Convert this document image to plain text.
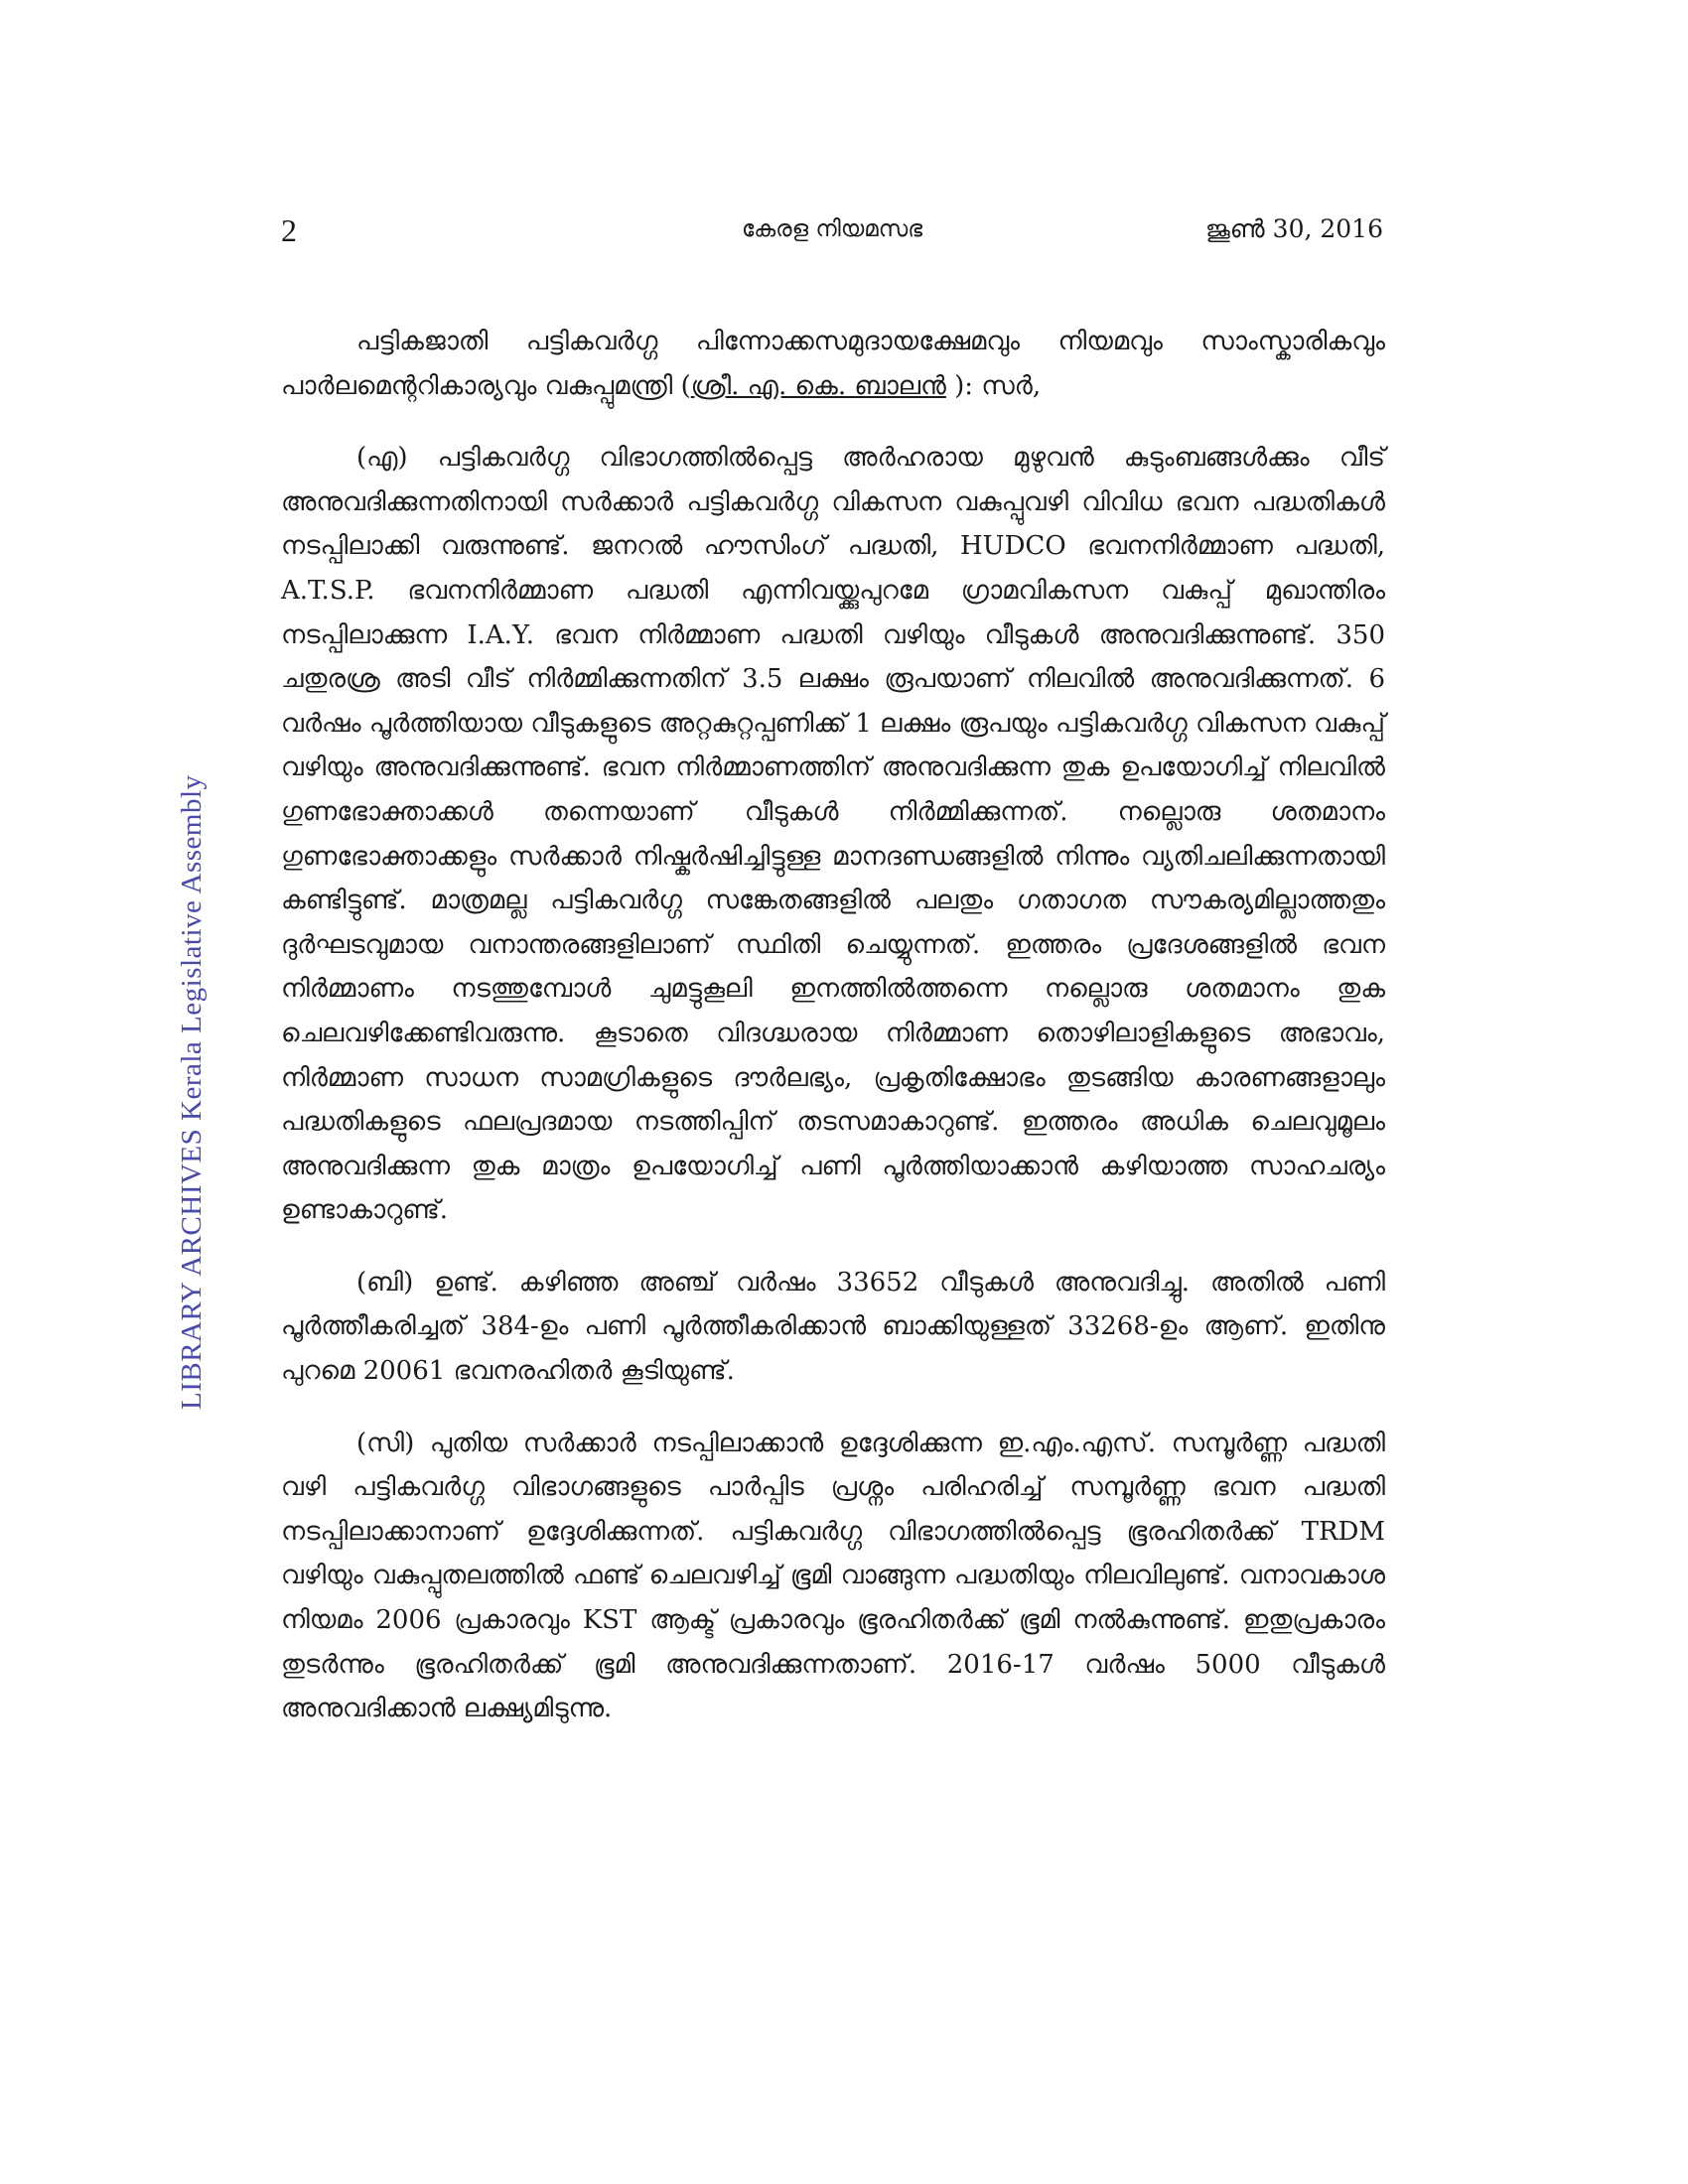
2	കേരള നിയമസഭ	ജൂൺ 30, 2016
LIBRARY ARCHIVES Kerala Legislative Assembly

പട്ടികജാതി പട്ടികവർഗ്ഗ പിന്നോക്കസമുദായക്ഷേമവും നിയമവും സാംസ്കാരികവും പാർലമെന്ററികാര്യവും വകുപ്പുമന്ത്രി (ശ്രീ. എ. കെ. ബാലൻ ): സർ,

(എ) പട്ടികവർഗ്ഗ വിഭാഗത്തിൽപ്പെട്ട അർഹരായ മുഴുവൻ കുടുംബങ്ങൾക്കും വീട് അനുവദിക്കുന്നതിനായി സർക്കാർ പട്ടികവർഗ്ഗ വികസന വകുപ്പുവഴി വിവിധ ഭവന പദ്ധതികൾ നടപ്പിലാക്കി വരുന്നുണ്ട്. ജനറൽ ഹൗസിംഗ് പദ്ധതി, HUDCO ഭവനനിർമ്മാണ പദ്ധതി, A.T.S.P. ഭവനനിർമ്മാണ പദ്ധതി എന്നിവയ്ക്കുപുറമേ ഗ്രാമവികസന വകുപ്പ് മുഖാന്തിരം നടപ്പിലാക്കുന്ന I.A.Y. ഭവന നിർമ്മാണ പദ്ധതി വഴിയും വീടുകൾ അനുവദിക്കുന്നുണ്ട്. 350 ചതുരശ്ര അടി വീട് നിർമ്മിക്കുന്നതിന് 3.5 ലക്ഷം രൂപയാണ് നിലവിൽ അനുവദിക്കുന്നത്. 6 വർഷം പൂർത്തിയായ വീടുകളുടെ അറ്റകുറ്റപ്പണിക്ക് 1 ലക്ഷം രൂപയും പട്ടികവർഗ്ഗ വികസന വകുപ്പ് വഴിയും അനുവദിക്കുന്നുണ്ട്. ഭവന നിർമ്മാണത്തിന് അനുവദിക്കുന്ന തുക ഉപയോഗിച്ച് നിലവിൽ ഗുണഭോക്താക്കൾ തന്നെയാണ് വീടുകൾ നിർമ്മിക്കുന്നത്. നല്ലൊരു ശതമാനം ഗുണഭോക്താക്കളും സർക്കാർ നിഷ്കർഷിച്ചിട്ടുള്ള മാനദണ്ഡങ്ങളിൽ നിന്നും വ്യതിചലിക്കുന്നതായി കണ്ടിട്ടുണ്ട്. മാത്രമല്ല പട്ടികവർഗ്ഗ സങ്കേതങ്ങളിൽ പലതും ഗതാഗത സൗകര്യമില്ലാത്തതും ദുർഘടവുമായ വനാന്തരങ്ങളിലാണ് സ്ഥിതി ചെയ്യുന്നത്. ഇത്തരം പ്രദേശങ്ങളിൽ ഭവന നിർമ്മാണം നടത്തുമ്പോൾ ചുമട്ടുകൂലി ഇനത്തിൽത്തന്നെ നല്ലൊരു ശതമാനം തുക ചെലവഴിക്കേണ്ടിവരുന്നു. കൂടാതെ വിദഗ്ദ്ധരായ നിർമ്മാണ തൊഴിലാളികളുടെ അഭാവം, നിർമ്മാണ സാധന സാമഗ്രികളുടെ ദൗർലഭ്യം, പ്രകൃതിക്ഷോഭം തുടങ്ങിയ കാരണങ്ങളാലും പദ്ധതികളുടെ ഫലപ്രദമായ നടത്തിപ്പിന് തടസമാകാറുണ്ട്. ഇത്തരം അധിക ചെലവുമൂലം അനുവദിക്കുന്ന തുക മാത്രം ഉപയോഗിച്ച് പണി പൂർത്തിയാക്കാൻ കഴിയാത്ത സാഹചര്യം ഉണ്ടാകാറുണ്ട്.

(ബി) ഉണ്ട്. കഴിഞ്ഞ അഞ്ച് വർഷം 33652 വീടുകൾ അനുവദിച്ചു. അതിൽ പണി പൂർത്തീകരിച്ചത് 384-ഉം പണി പൂർത്തീകരിക്കാൻ ബാക്കിയുള്ളത് 33268-ഉം ആണ്. ഇതിനു പുറമെ 20061 ഭവനരഹിതർ കൂടിയുണ്ട്.

(സി) പുതിയ സർക്കാർ നടപ്പിലാക്കാൻ ഉദ്ദേശിക്കുന്ന ഇ.എം.എസ്. സമ്പൂർണ്ണ പദ്ധതി വഴി പട്ടികവർഗ്ഗ വിഭാഗങ്ങളുടെ പാർപ്പിട പ്രശ്നം പരിഹരിച്ച് സമ്പൂർണ്ണ ഭവന പദ്ധതി നടപ്പിലാക്കാനാണ് ഉദ്ദേശിക്കുന്നത്. പട്ടികവർഗ്ഗ വിഭാഗത്തിൽപ്പെട്ട ഭൂരഹിതർക്ക് TRDM വഴിയും വകുപ്പുതലത്തിൽ ഫണ്ട് ചെലവഴിച്ച് ഭൂമി വാങ്ങുന്ന പദ്ധതിയും നിലവിലുണ്ട്. വനാവകാശ നിയമം 2006 പ്രകാരവും KST ആക്ട് പ്രകാരവും ഭൂരഹിതർക്ക് ഭൂമി നൽകുന്നുണ്ട്. ഇതുപ്രകാരം തുടർന്നും ഭൂരഹിതർക്ക് ഭൂമി അനുവദിക്കുന്നതാണ്. 2016-17 വർഷം 5000 വീടുകൾ അനുവദിക്കാൻ ലക്ഷ്യമിടുന്നു.
